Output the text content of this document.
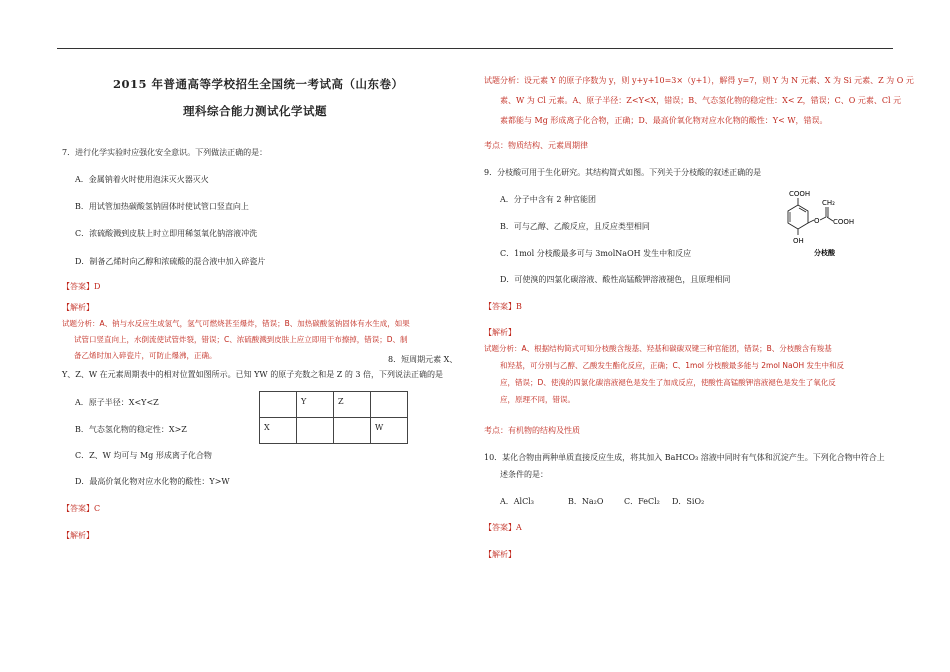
2015 年普通高等学校招生全国统一考试高（山东卷）
理科综合能力测试化学试题
7．进行化学实验时应强化安全意识。下列做法正确的是：
A．金属钠着火时使用泡沫灭火器灭火
B．用试管加热碳酸氢钠固体时使试管口竖直向上
C．浓硫酸溅到皮肤上时立即用稀氢氧化钠溶液冲洗
D．制备乙烯时向乙醇和浓硫酸的混合液中加入碎瓷片
【答案】D
【解析】
试题分析：A、钠与水反应生成氢气，氢气可燃烧甚至爆炸，错误；B、加热碳酸氢钠固体有水生成，如果
试管口竖直向上，水倒流使试管炸裂，错误；C、浓硫酸溅到皮肤上应立即用干布擦掉，错误；D、制
备乙烯时加入碎瓷片，可防止爆沸，正确。	8．短周期元素 X、
Y、Z、W 在元素周期表中的相对位置如图所示。已知 YW 的原子充数之和是 Z 的 3 倍，下列说法正确的是
A．原子半径：X<Y<Z
B．气态氢化物的稳定性：X>Z
C．Z、W 均可与 Mg 形成离子化合物
D．最高价氧化物对应水化物的酸性：Y>W
	Y	Z	
X			W
【答案】C
【解析】
试题分析：设元素 Y 的原子序数为 y，则 y+y+10=3×（y+1），解得 y=7，则 Y 为 N 元素、X 为 Si 元素、Z 为 O 元
素、W 为 Cl 元素。A、原子半径：Z<Y<X，错误；B、气态氢化物的稳定性：X< Z，错误；C、O 元素、Cl 元
素都能与 Mg 形成离子化合物，正确；D、最高价氧化物对应水化物的酸性：Y< W，错误。
考点：物质结构、元素周期律
9．分枝酸可用于生化研究。其结构简式如图。下列关于分枝酸的叙述正确的是
A．分子中含有 2 种官能团
B．可与乙醇、乙酸反应，且反应类型相同
C．1mol 分枝酸最多可与 3molNaOH 发生中和反应
D．可使溴的四氯化碳溶液、酸性高锰酸钾溶液褪色，且原理相同
COOH
O
CH₂
COOH
OH
分枝酸
【答案】B
【解析】
试题分析：A、根据结构简式可知分枝酸含羧基、羟基和碳碳双键三种官能团，错误；B、分枝酸含有羧基
和羟基，可分别与乙醇、乙酸发生酯化反应，正确；C、1mol 分枝酸最多能与 2mol NaOH 发生中和反
应，错误；D、使溴的四氯化碳溶液褪色是发生了加成反应，使酸性高锰酸钾溶液褪色是发生了氧化反
应，原理不同，错误。
考点：有机物的结构及性质
10．某化合物由两种单质直接反应生成，将其加入 BaHCO₃ 溶液中同时有气体和沉淀产生。下列化合物中符合上
述条件的是：
A．AlCl₃	B．Na₂O	C．FeCl₂ D．SiO₂
【答案】A
【解析】
